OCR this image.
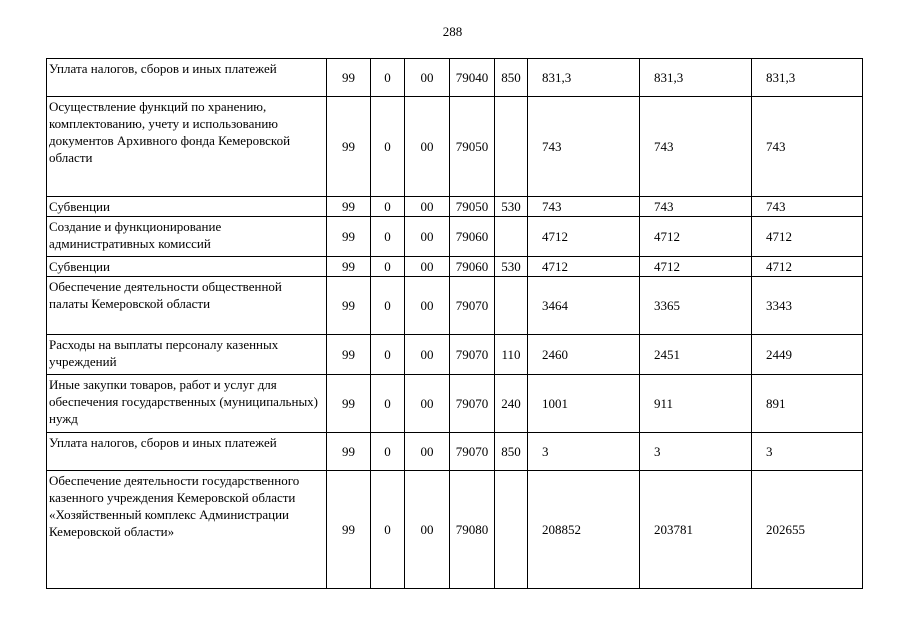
288
Уплата налогов, сборов и иных платежей	99	0	00	79040	850	831,3	831,3	831,3
Осуществление функций по хранению, комплектованию, учету и использованию документов Архивного фонда Кемеровской области	99	0	00	79050		743	743	743
Субвенции	99	0	00	79050	530	743	743	743
Создание и функционирование административных комиссий	99	0	00	79060		4712	4712	4712
Субвенции	99	0	00	79060	530	4712	4712	4712
Обеспечение деятельности общественной палаты Кемеровской области	99	0	00	79070		3464	3365	3343
Расходы на выплаты персоналу казенных учреждений	99	0	00	79070	110	2460	2451	2449
Иные закупки товаров, работ и услуг для обеспечения государственных (муниципальных) нужд	99	0	00	79070	240	1001	911	891
Уплата налогов, сборов и иных платежей	99	0	00	79070	850	3	3	3
Обеспечение деятельности государственного казенного учреждения Кемеровской области «Хозяйственный комплекс Администрации Кемеровской области»	99	0	00	79080		208852	203781	202655
